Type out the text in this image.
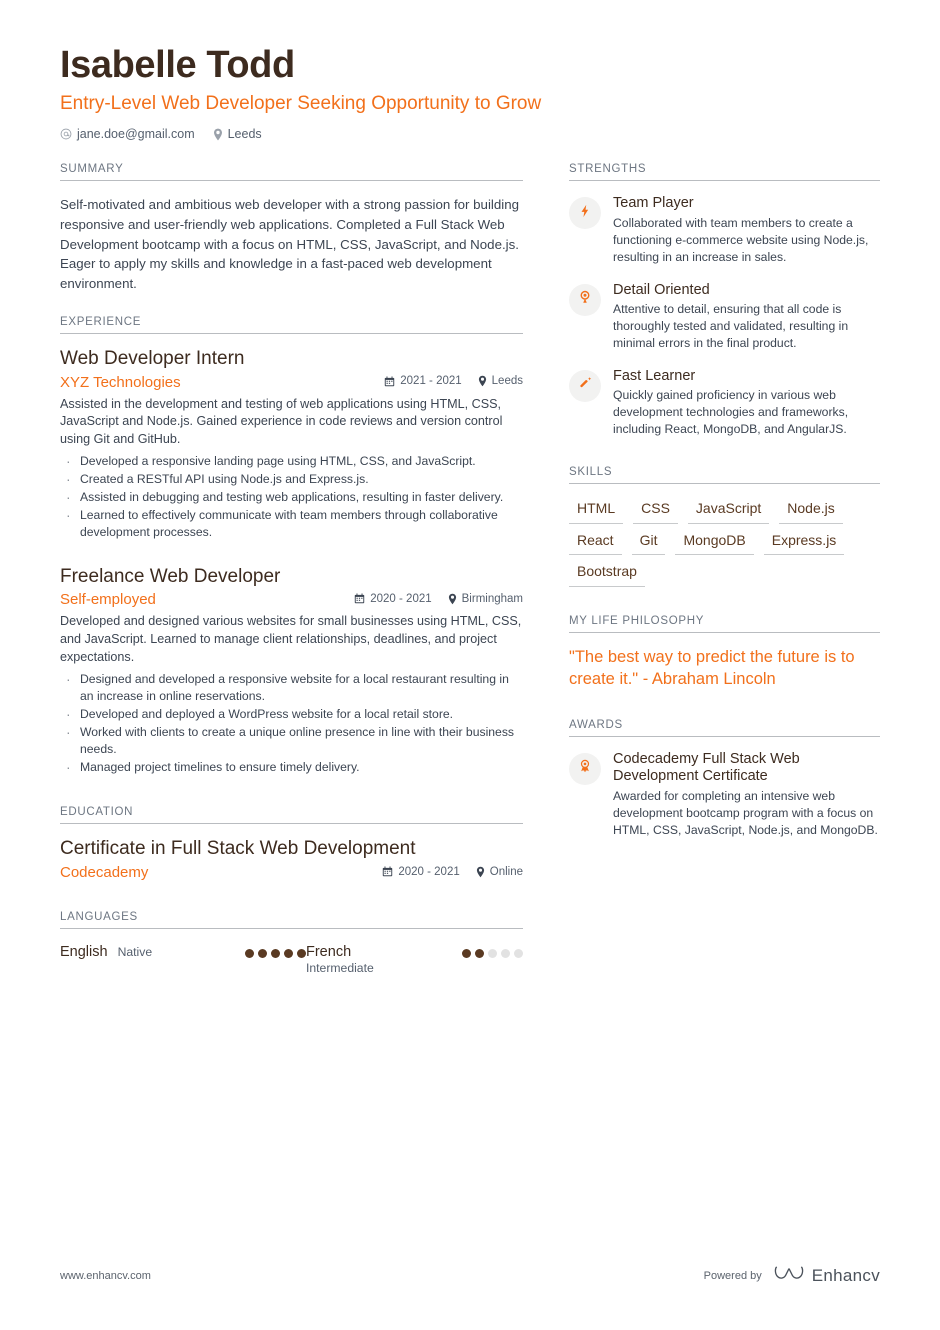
Isabelle Todd
Entry-Level Web Developer Seeking Opportunity to Grow
jane.doe@gmail.com	Leeds
SUMMARY
Self-motivated and ambitious web developer with a strong passion for building responsive and user-friendly web applications. Completed a Full Stack Web Development bootcamp with a focus on HTML, CSS, JavaScript, and Node.js. Eager to apply my skills and knowledge in a fast-paced web development environment.
EXPERIENCE
Web Developer Intern
XYZ Technologies	2021 - 2021	Leeds
Assisted in the development and testing of web applications using HTML, CSS, JavaScript and Node.js. Gained experience in code reviews and version control using Git and GitHub.
· Developed a responsive landing page using HTML, CSS, and JavaScript.
· Created a RESTful API using Node.js and Express.js.
· Assisted in debugging and testing web applications, resulting in faster delivery.
· Learned to effectively communicate with team members through collaborative development processes.
Freelance Web Developer
Self-employed	2020 - 2021	Birmingham
Developed and designed various websites for small businesses using HTML, CSS, and JavaScript. Learned to manage client relationships, deadlines, and project expectations.
· Designed and developed a responsive website for a local restaurant resulting in an increase in online reservations.
· Developed and deployed a WordPress website for a local retail store.
· Worked with clients to create a unique online presence in line with their business needs.
· Managed project timelines to ensure timely delivery.
EDUCATION
Certificate in Full Stack Web Development
Codecademy	2020 - 2021	Online
LANGUAGES
English Native	French
Intermediate
STRENGTHS
Team Player
Collaborated with team members to create a functioning e-commerce website using Node.js, resulting in an increase in sales.
Detail Oriented
Attentive to detail, ensuring that all code is thoroughly tested and validated, resulting in minimal errors in the final product.
Fast Learner
Quickly gained proficiency in various web development technologies and frameworks, including React, MongoDB, and AngularJS.
SKILLS
HTML	CSS	JavaScript	Node.js
React	Git	MongoDB	Express.js
Bootstrap
MY LIFE PHILOSOPHY
"The best way to predict the future is to create it." - Abraham Lincoln
AWARDS
Codecademy Full Stack Web Development Certificate
Awarded for completing an intensive web development bootcamp program with a focus on HTML, CSS, JavaScript, Node.js, and MongoDB.
www.enhancv.com	Powered by	Enhancv
